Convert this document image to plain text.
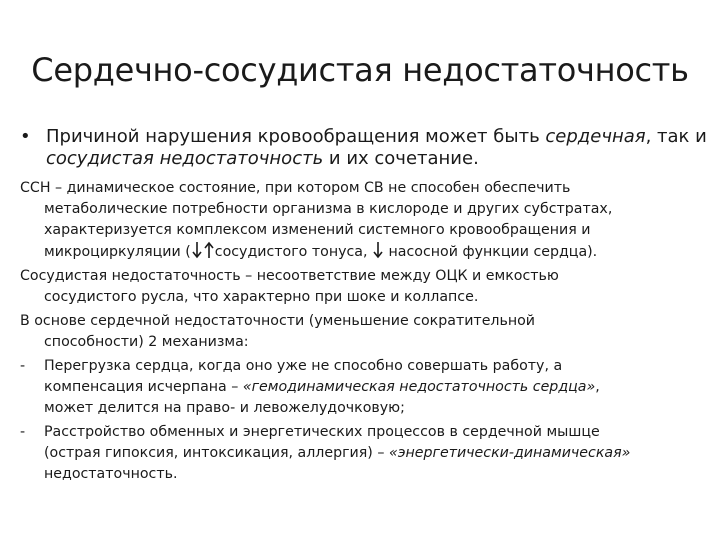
Сердечно-сосудистая недостаточность

• Причиной нарушения кровообращения может быть сердечная, так и сосудистая недостаточность и их сочетание.

ССН – динамическое состояние, при котором СВ не способен обеспечить
метаболические потребности организма в кислороде и других субстратах,
характеризуется комплексом изменений системного кровообращения и
микроциркуляции ( сосудистого тонуса, насосной функции сердца).

Сосудистая недостаточность – несоответствие между ОЦК и емкостью
сосудистого русла, что характерно при шоке и коллапсе.

В основе сердечной недостаточности (уменьшение сократительной
способности) 2 механизма:

- Перегрузка сердца, когда оно уже не способно совершать работу, а
компенсация исчерпана – «гемодинамическая недостаточность сердца»,
может делится на право- и левожелудочковую;

- Расстройство обменных и энергетических процессов в сердечной мышце
(острая гипоксия, интоксикация, аллергия) – «энергетически-динамическая»
недостаточность.
